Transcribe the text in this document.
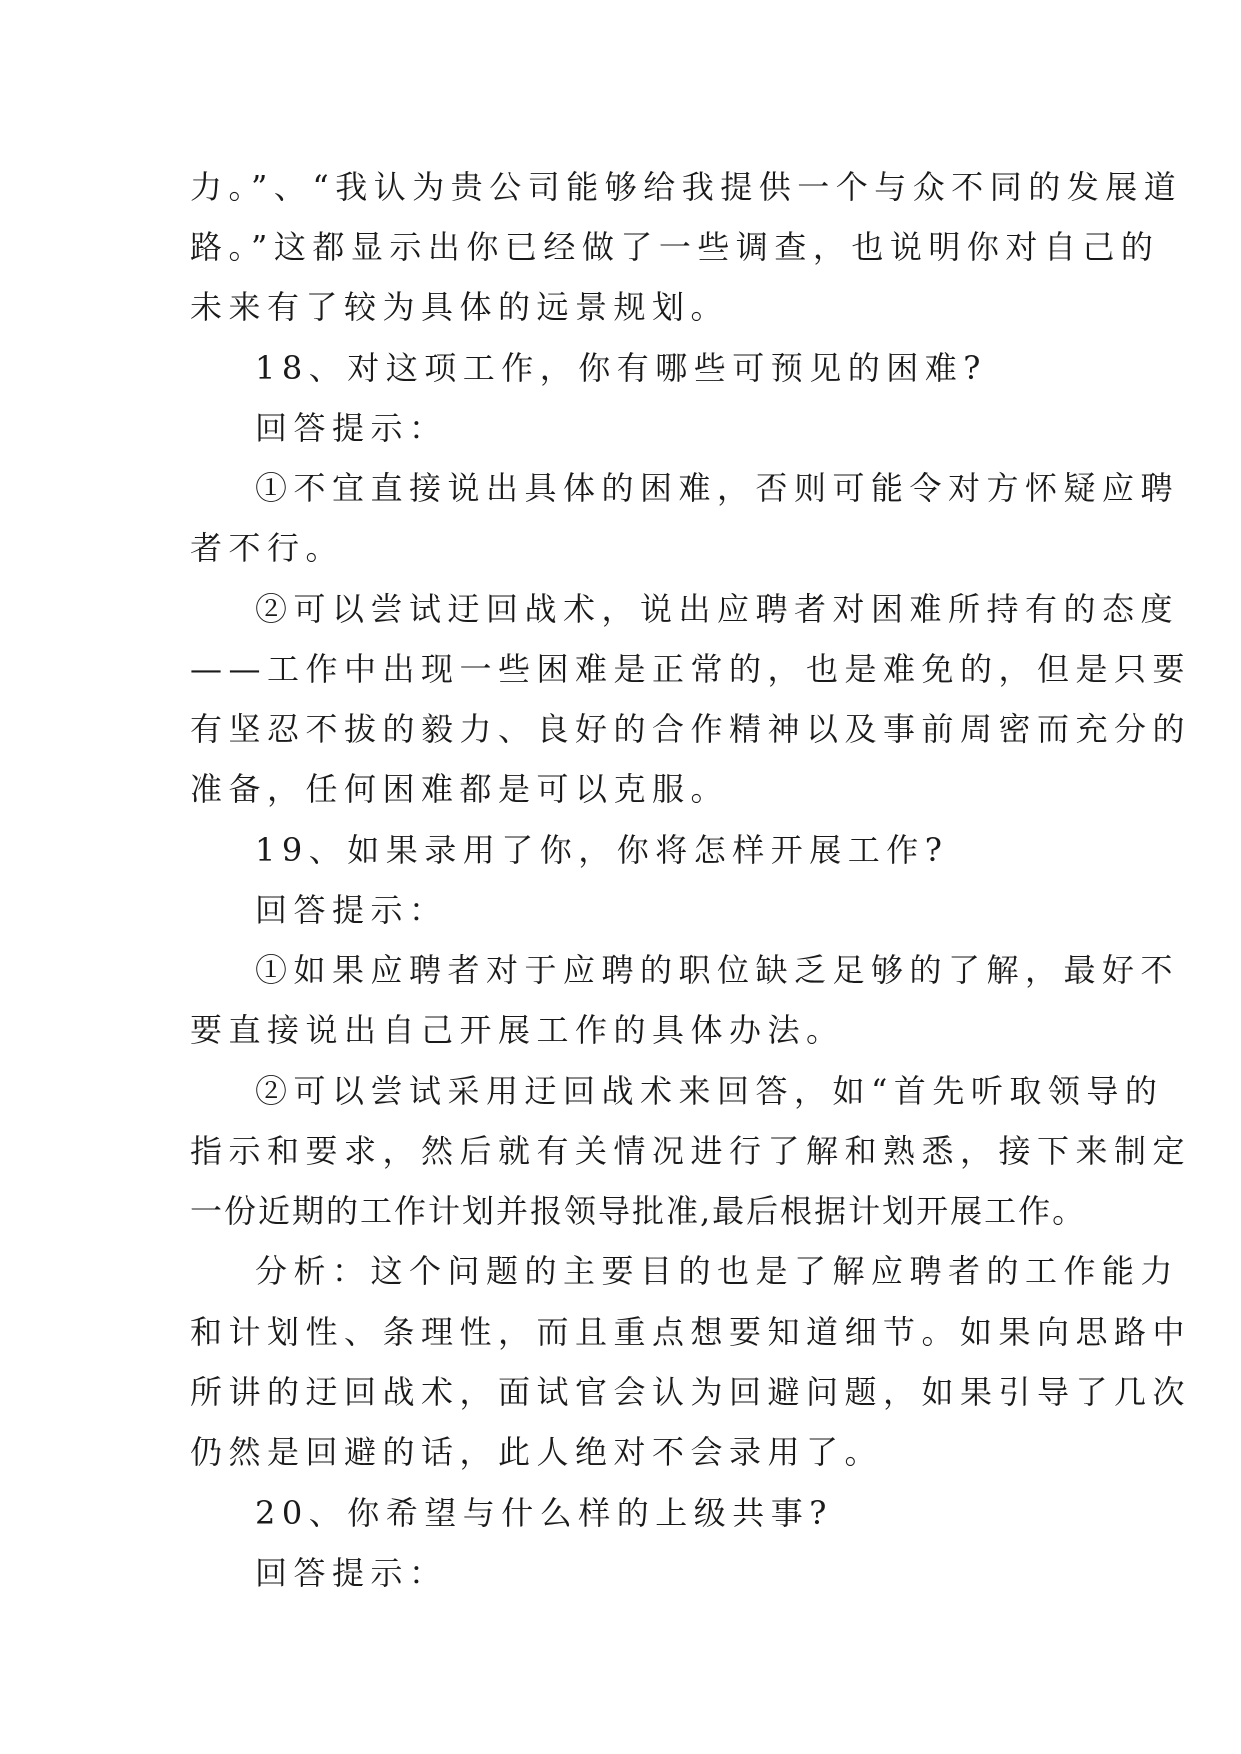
力。”、“我认为贵公司能够给我提供一个与众不同的发展道
路。”这都显示出你已经做了一些调查，也说明你对自己的
未来有了较为具体的远景规划。
18、对这项工作，你有哪些可预见的困难?
回答提示：
①不宜直接说出具体的困难，否则可能令对方怀疑应聘
者不行。
②可以尝试迂回战术，说出应聘者对困难所持有的态度
——工作中出现一些困难是正常的，也是难免的，但是只要
有坚忍不拔的毅力、良好的合作精神以及事前周密而充分的
准备，任何困难都是可以克服。
19、如果录用了你，你将怎样开展工作?
回答提示：
①如果应聘者对于应聘的职位缺乏足够的了解，最好不
要直接说出自己开展工作的具体办法。
②可以尝试采用迂回战术来回答，如“首先听取领导的
指示和要求，然后就有关情况进行了解和熟悉，接下来制定
一份近期的工作计划并报领导批准,最后根据计划开展工作。
分析：这个问题的主要目的也是了解应聘者的工作能力
和计划性、条理性，而且重点想要知道细节。如果向思路中
所讲的迂回战术，面试官会认为回避问题，如果引导了几次
仍然是回避的话，此人绝对不会录用了。
20、你希望与什么样的上级共事?
回答提示：
